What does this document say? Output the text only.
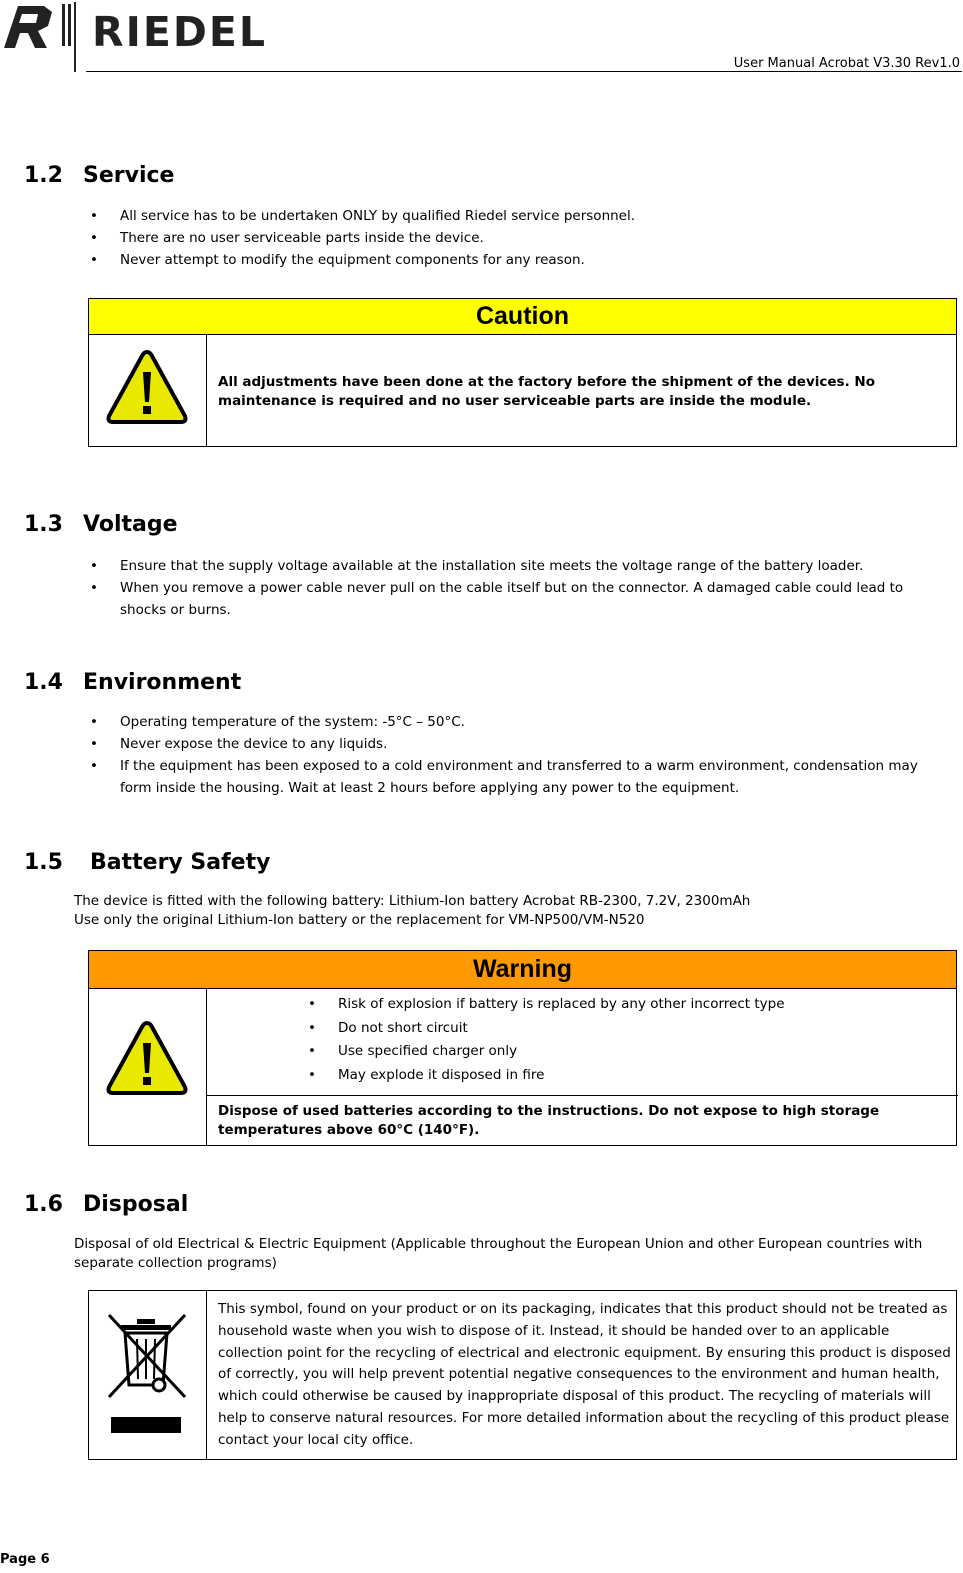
RIEDEL
User Manual Acrobat V3.30 Rev1.0
1.2 Service
• All service has to be undertaken ONLY by qualified Riedel service personnel.
• There are no user serviceable parts inside the device.
• Never attempt to modify the equipment components for any reason.
Caution
All adjustments have been done at the factory before the shipment of the devices. No maintenance is required and no user serviceable parts are inside the module.
1.3 Voltage
• Ensure that the supply voltage available at the installation site meets the voltage range of the battery loader.
• When you remove a power cable never pull on the cable itself but on the connector. A damaged cable could lead to shocks or burns.
1.4 Environment
• Operating temperature of the system: -5°C – 50°C.
• Never expose the device to any liquids.
• If the equipment has been exposed to a cold environment and transferred to a warm environment, condensation may form inside the housing. Wait at least 2 hours before applying any power to the equipment.
1.5 Battery Safety

The device is fitted with the following battery: Lithium-Ion battery Acrobat RB-2300, 7.2V, 2300mAh

Use only the original Lithium-Ion battery or the replacement for VM-NP500/VM-N520

Warning
• Risk of explosion if battery is replaced by any other incorrect type
• Do not short circuit
• Use specified charger only
• May explode it disposed in fire
Dispose of used batteries according to the instructions. Do not expose to high storage temperatures above 60°C (140°F).
1.6 Disposal

Disposal of old Electrical & Electric Equipment (Applicable throughout the European Union and other European countries with separate collection programs)

This symbol, found on your product or on its packaging, indicates that this product should not be treated as household waste when you wish to dispose of it. Instead, it should be handed over to an applicable collection point for the recycling of electrical and electronic equipment. By ensuring this product is disposed of correctly, you will help prevent potential negative consequences to the environment and human health, which could otherwise be caused by inappropriate disposal of this product. The recycling of materials will help to conserve natural resources. For more detailed information about the recycling of this product please contact your local city office.
Page 6
